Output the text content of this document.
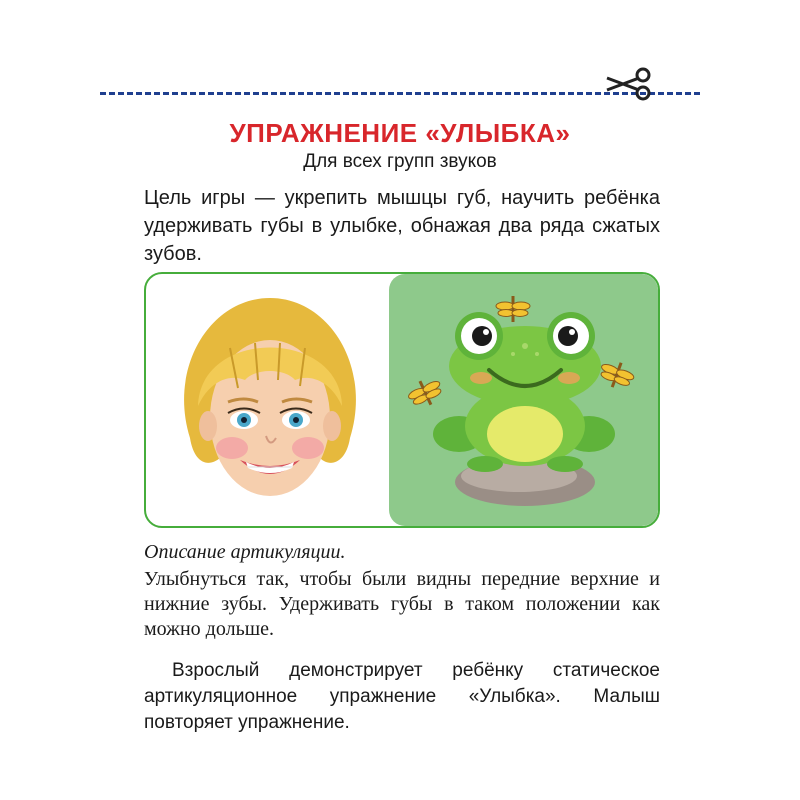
УПРАЖНЕНИЕ «УЛЫБКА»
Для всех групп звуков
Цель игры — укрепить мышцы губ, научить ребёнка удерживать губы в улыбке, обнажая два ряда сжатых зубов.
Описание артикуляции.
Улыбнуться так, чтобы были видны передние верхние и нижние зубы. Удерживать губы в таком положении как можно дольше.
Взрослый демонстрирует ребёнку статическое артикуляционное упражнение «Улыбка». Малыш повторяет упражнение.
